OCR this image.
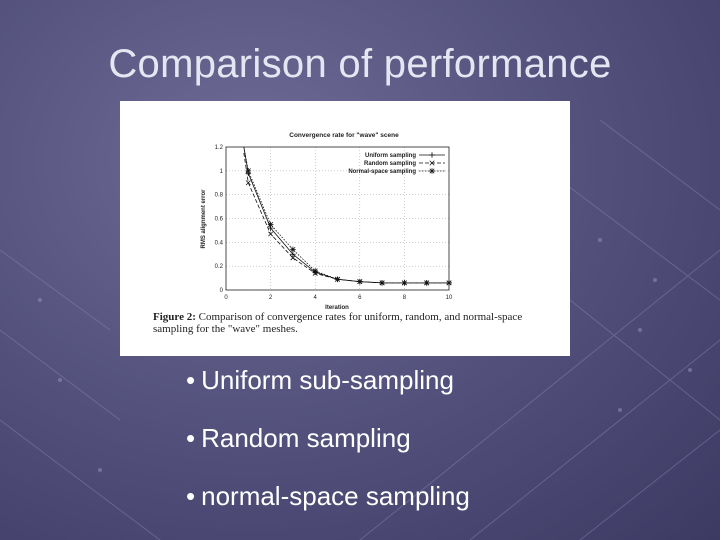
Comparison of performance
Convergence rate for "wave" scene
RMS alignment error
Iteration
0	2	4	6	8	10
0
0.2
0.4
0.6
0.8
1
1.2
Uniform sampling
Random sampling
Normal-space sampling
Figure 2: Comparison of convergence rates for uniform, random, and normal-space sampling for the "wave" meshes.
• Uniform sub-sampling
• Random sampling
• normal-space sampling
